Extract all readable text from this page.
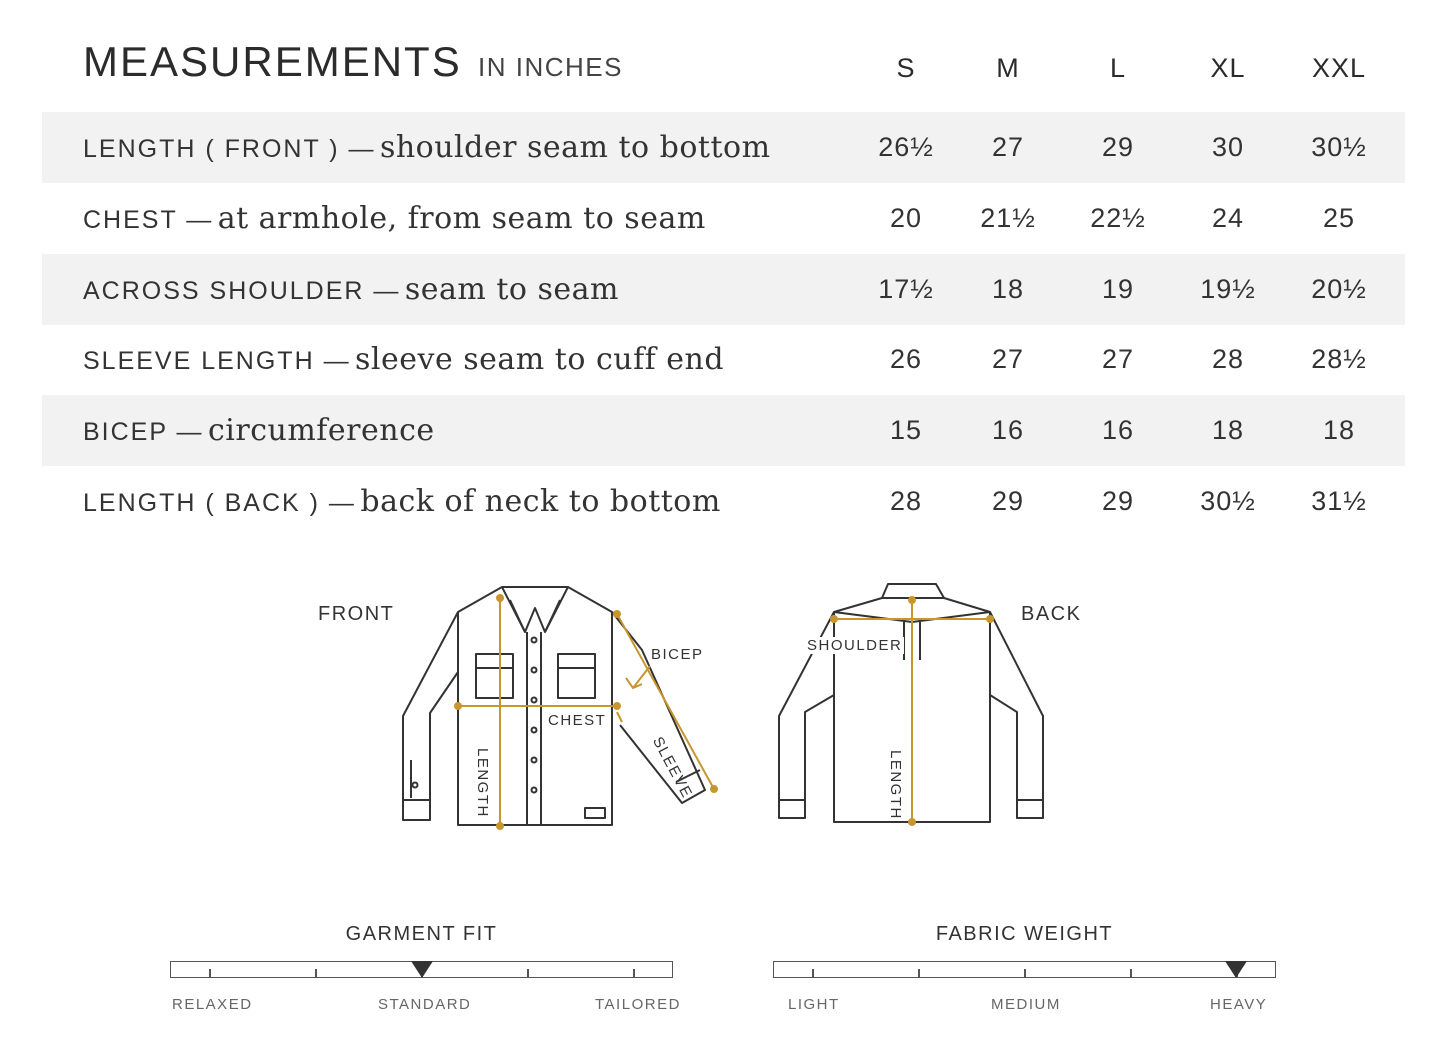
MEASUREMENTS IN INCHES	S	M	L	XL	XXL
LENGTH ( FRONT ) — shoulder seam to bottom	26½	27	29	30	30½
CHEST — at armhole, from seam to seam	20	21½	22½	24	25
ACROSS SHOULDER — seam to seam	17½	18	19	19½	20½
SLEEVE LENGTH — sleeve seam to cuff end	26	27	27	28	28½
BICEP — circumference	15	16	16	18	18
LENGTH ( BACK ) — back of neck to bottom	28	29	29	30½	31½
FRONT	BACK
BICEP
CHEST
SLEEVE
LENGTH
SHOULDER
LENGTH
GARMENT FIT
RELAXED	STANDARD	TAILORED
FABRIC WEIGHT
LIGHT	MEDIUM	HEAVY
